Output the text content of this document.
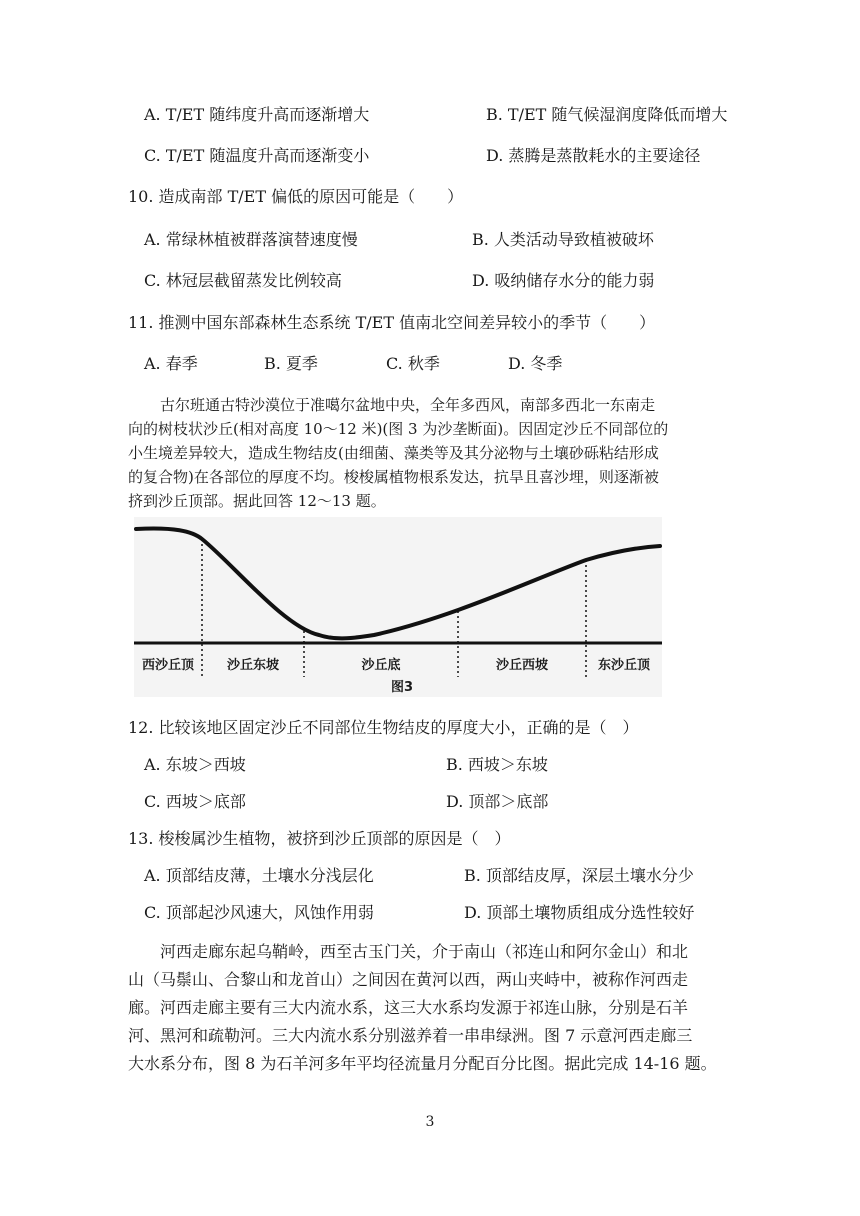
A. T/ET 随纬度升高而逐渐增大	B. T/ET 随气候湿润度降低而增大
C. T/ET 随温度升高而逐渐变小	D. 蒸腾是蒸散耗水的主要途径
10. 造成南部 T/ET 偏低的原因可能是（　　）
A. 常绿林植被群落演替速度慢	B. 人类活动导致植被破坏
C. 林冠层截留蒸发比例较高	D. 吸纳储存水分的能力弱
11. 推测中国东部森林生态系统 T/ET 值南北空间差异较小的季节（　　）
A. 春季	B. 夏季	C. 秋季	D. 冬季
古尔班通古特沙漠位于准噶尔盆地中央，全年多西风，南部多西北一东南走
向的树枝状沙丘(相对高度 10～12 米)(图 3 为沙垄断面)。因固定沙丘不同部位的
小生境差异较大，造成生物结皮(由细菌、藻类等及其分泌物与土壤砂砾粘结形成
的复合物)在各部位的厚度不均。梭梭属植物根系发达，抗旱且喜沙埋，则逐渐被
挤到沙丘顶部。据此回答 12～13 题。
西沙丘顶	沙丘东坡	沙丘底	沙丘西坡	东沙丘顶
图3
12. 比较该地区固定沙丘不同部位生物结皮的厚度大小，正确的是（　）
A. 东坡＞西坡	B. 西坡＞东坡
C. 西坡＞底部	D. 顶部＞底部
13. 梭梭属沙生植物，被挤到沙丘顶部的原因是（　）
A. 顶部结皮薄，土壤水分浅层化	B. 顶部结皮厚，深层土壤水分少
C. 顶部起沙风速大，风蚀作用弱	D. 顶部土壤物质组成分选性较好
河西走廊东起乌鞘岭，西至古玉门关，介于南山（祁连山和阿尔金山）和北
山（马鬃山、合黎山和龙首山）之间因在黄河以西，两山夹峙中，被称作河西走
廊。河西走廊主要有三大内流水系，这三大水系均发源于祁连山脉，分别是石羊
河、黑河和疏勒河。三大内流水系分别滋养着一串串绿洲。图 7 示意河西走廊三
大水系分布，图 8 为石羊河多年平均径流量月分配百分比图。据此完成 14-16 题。
3
